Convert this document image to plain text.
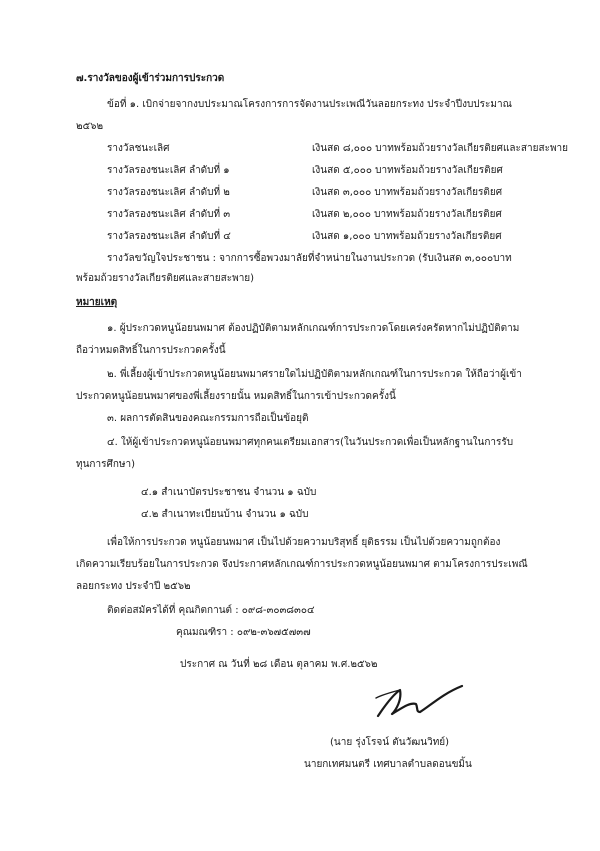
๗.รางวัลของผู้เข้าร่วมการประกวด
ข้อที่ ๑. เบิกจ่ายจากงบประมาณโครงการการจัดงานประเพณีวันลอยกระทง ประจำปีงบประมาณ
๒๕๖๒
รางวัลชนะเลิศ	เงินสด ๘,๐๐๐ บาทพร้อมถ้วยรางวัลเกียรติยศและสายสะพาย
รางวัลรองชนะเลิศ ลำดับที่ ๑	เงินสด ๕,๐๐๐ บาทพร้อมถ้วยรางวัลเกียรติยศ
รางวัลรองชนะเลิศ ลำดับที่ ๒	เงินสด ๓,๐๐๐ บาทพร้อมถ้วยรางวัลเกียรติยศ
รางวัลรองชนะเลิศ ลำดับที่ ๓	เงินสด ๒,๐๐๐ บาทพร้อมถ้วยรางวัลเกียรติยศ
รางวัลรองชนะเลิศ ลำดับที่ ๔	เงินสด ๑,๐๐๐ บาทพร้อมถ้วยรางวัลเกียรติยศ
รางวัลขวัญใจประชาชน : จากการซื้อพวงมาลัยที่จำหน่ายในงานประกวด (รับเงินสด ๓,๐๐๐บาท
พร้อมถ้วยรางวัลเกียรติยศและสายสะพาย)
หมายเหตุ
๑. ผู้ประกวดหนูน้อยนพมาศ ต้องปฏิบัติตามหลักเกณฑ์การประกวดโดยเคร่งครัดหากไม่ปฏิบัติตาม
ถือว่าหมดสิทธิ์ในการประกวดครั้งนี้
๒. พี่เลี้ยงผู้เข้าประกวดหนูน้อยนพมาศรายใดไม่ปฏิบัติตามหลักเกณฑ์ในการประกวด ให้ถือว่าผู้เข้า
ประกวดหนูน้อยนพมาศของพี่เลี้ยงรายนั้น หมดสิทธิ์ในการเข้าประกวดครั้งนี้
๓. ผลการตัดสินของคณะกรรมการถือเป็นข้อยุติ
๔. ให้ผู้เข้าประกวดหนูน้อยนพมาศทุกคนเตรียมเอกสาร(ในวันประกวดเพื่อเป็นหลักฐานในการรับ
ทุนการศึกษา)
๔.๑ สำเนาบัตรประชาชน จำนวน ๑ ฉบับ
๔.๒ สำเนาทะเบียนบ้าน จำนวน ๑ ฉบับ
เพื่อให้การประกวด หนูน้อยนพมาศ เป็นไปด้วยความบริสุทธิ์ ยุติธรรม เป็นไปด้วยความถูกต้อง
เกิดความเรียบร้อยในการประกวด จึงประกาศหลักเกณฑ์การประกวดหนูน้อยนพมาศ ตามโครงการประเพณี
ลอยกระทง ประจำปี ๒๕๖๒
ติดต่อสมัครได้ที่ คุณกิตกานต์ : ๐๙๘-๓๐๓๘๓๐๔
คุณมณฑิรา : ๐๙๒-๓๖๗๕๗๓๗
ประกาศ ณ วันที่ ๒๘ เดือน ตุลาคม พ.ศ.๒๕๖๒
(นาย รุ่งโรจน์ ตันวัฒนวิทย์)
นายกเทศมนตรี เทศบาลตำบลดอนขมิ้น
